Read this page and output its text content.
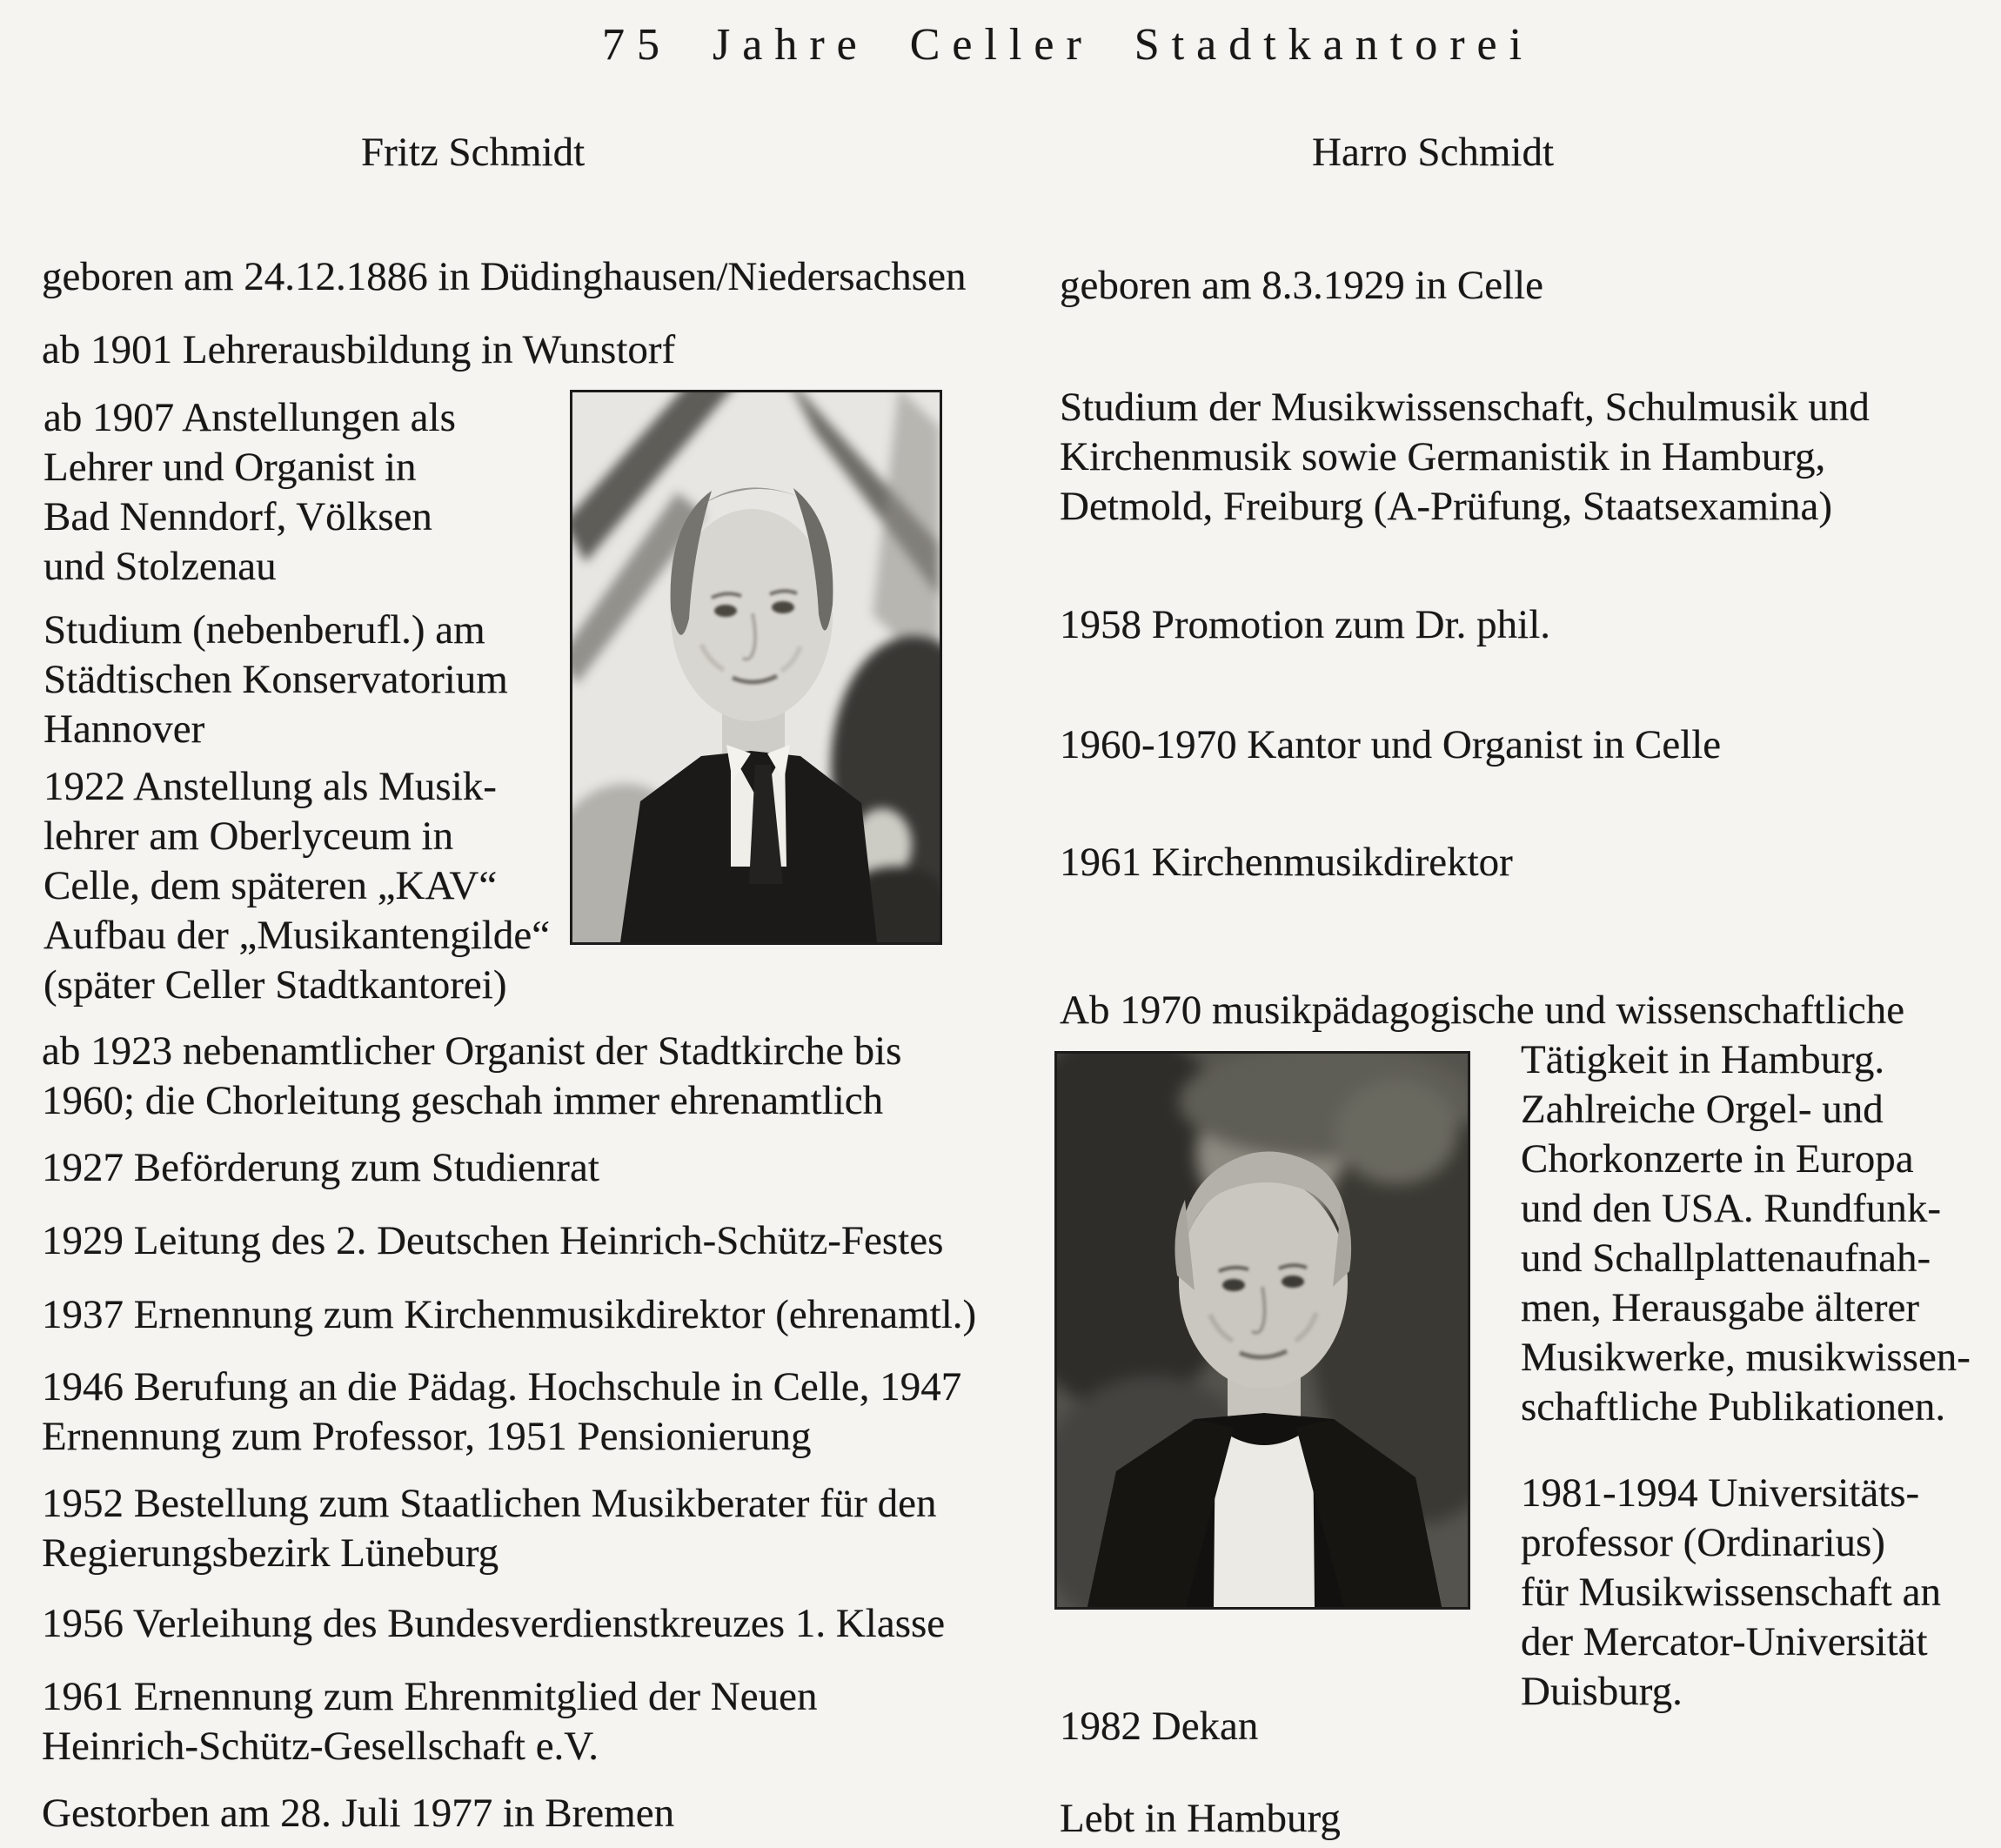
75 Jahre Celler Stadtkantorei
Fritz Schmidt	Harro Schmidt
geboren am 24.12.1886 in Düdinghausen/Niedersachsen
ab 1901 Lehrerausbildung in Wunstorf
ab 1907 Anstellungen als
Lehrer und Organist in
Bad Nenndorf, Völksen
und Stolzenau
Studium (nebenberufl.) am
Städtischen Konservatorium
Hannover
1922 Anstellung als Musik-
lehrer am Oberlyceum in
Celle, dem späteren „KAV“
Aufbau der „Musikantengilde“
(später Celler Stadtkantorei)
ab 1923 nebenamtlicher Organist der Stadtkirche bis
1960; die Chorleitung geschah immer ehrenamtlich
1927 Beförderung zum Studienrat
1929 Leitung des 2. Deutschen Heinrich-Schütz-Festes
1937 Ernennung zum Kirchenmusikdirektor (ehrenamtl.)
1946 Berufung an die Pädag. Hochschule in Celle, 1947
Ernennung zum Professor, 1951 Pensionierung
1952 Bestellung zum Staatlichen Musikberater für den
Regierungsbezirk Lüneburg
1956 Verleihung des Bundesverdienstkreuzes 1. Klasse
1961 Ernennung zum Ehrenmitglied der Neuen
Heinrich-Schütz-Gesellschaft e.V.
Gestorben am 28. Juli 1977 in Bremen
geboren am 8.3.1929 in Celle
Studium der Musikwissenschaft, Schulmusik und
Kirchenmusik sowie Germanistik in Hamburg,
Detmold, Freiburg (A-Prüfung, Staatsexamina)
1958 Promotion zum Dr. phil.
1960-1970 Kantor und Organist in Celle
1961 Kirchenmusikdirektor
Ab 1970 musikpädagogische und wissenschaftliche
Tätigkeit in Hamburg.
Zahlreiche Orgel- und
Chorkonzerte in Europa
und den USA. Rundfunk-
und Schallplattenaufnah-
men, Herausgabe älterer
Musikwerke, musikwissen-
schaftliche Publikationen.
1981-1994 Universitäts-
professor (Ordinarius)
für Musikwissenschaft an
der Mercator-Universität
Duisburg.
1982 Dekan
Lebt in Hamburg
